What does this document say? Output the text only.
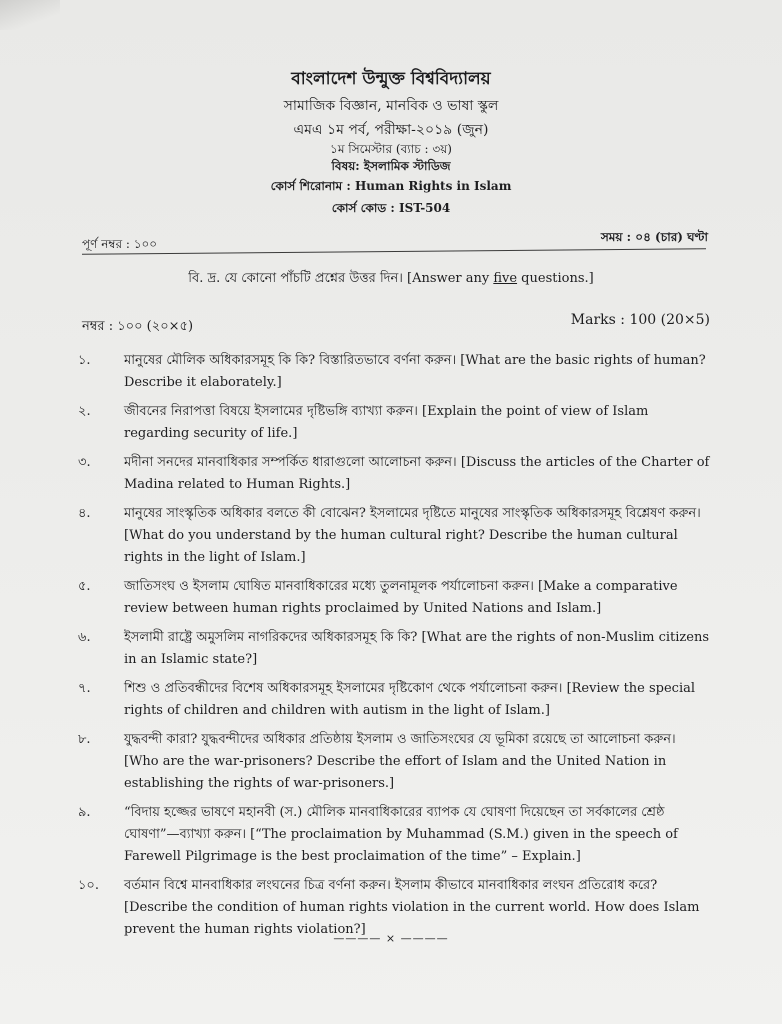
বাংলাদেশ উন্মুক্ত বিশ্ববিদ্যালয়
সামাজিক বিজ্ঞান, মানবিক ও ভাষা স্কুল
এমএ ১ম পর্ব, পরীক্ষা-২০১৯ (জুন)
১ম সিমেস্টার (ব্যাচ : ৩য়)
বিষয়: ইসলামিক স্টাডিজ
কোর্স শিরোনাম : Human Rights in Islam
কোর্স কোড : IST-504
পূর্ণ নম্বর : ১০০	সময় : ০৪ (চার) ঘণ্টা
বি. দ্র. যে কোনো পাঁচটি প্রশ্নের উত্তর দিন। [Answer any five questions.]
নম্বর : ১০০ (২০×৫)	Marks : 100 (20×5)
১.	মানুষের মৌলিক অধিকারসমূহ কি কি? বিস্তারিতভাবে বর্ণনা করুন। [What are the basic rights of human? Describe it elaborately.]
২.	জীবনের নিরাপত্তা বিষয়ে ইসলামের দৃষ্টিভঙ্গি ব্যাখ্যা করুন। [Explain the point of view of Islam regarding security of life.]
৩.	মদীনা সনদের মানবাধিকার সম্পর্কিত ধারাগুলো আলোচনা করুন। [Discuss the articles of the Charter of Madina related to Human Rights.]
৪.	মানুষের সাংস্কৃতিক অধিকার বলতে কী বোঝেন? ইসলামের দৃষ্টিতে মানুষের সাংস্কৃতিক অধিকারসমূহ বিশ্লেষণ করুন। [What do you understand by the human cultural right? Describe the human cultural rights in the light of Islam.]
৫.	জাতিসংঘ ও ইসলাম ঘোষিত মানবাধিকারের মধ্যে তুলনামূলক পর্যালোচনা করুন। [Make a comparative review between human rights proclaimed by United Nations and Islam.]
৬.	ইসলামী রাষ্ট্রে অমুসলিম নাগরিকদের অধিকারসমূহ কি কি? [What are the rights of non-Muslim citizens in an Islamic state?]
৭.	শিশু ও প্রতিবন্ধীদের বিশেষ অধিকারসমূহ ইসলামের দৃষ্টিকোণ থেকে পর্যালোচনা করুন। [Review the special rights of children and children with autism in the light of Islam.]
৮.	যুদ্ধবন্দী কারা? যুদ্ধবন্দীদের অধিকার প্রতিষ্ঠায় ইসলাম ও জাতিসংঘের যে ভূমিকা রয়েছে তা আলোচনা করুন। [Who are the war-prisoners? Describe the effort of Islam and the United Nation in establishing the rights of war-prisoners.]
৯.	“বিদায় হজ্জের ভাষণে মহানবী (স.) মৌলিক মানবাধিকারের ব্যাপক যে ঘোষণা দিয়েছেন তা সর্বকালের শ্রেষ্ঠ ঘোষণা”—ব্যাখ্যা করুন। [“The proclaimation by Muhammad (S.M.) given in the speech of Farewell Pilgrimage is the best proclaimation of the time” – Explain.]
১০.	বর্তমান বিশ্বে মানবাধিকার লংঘনের চিত্র বর্ণনা করুন। ইসলাম কীভাবে মানবাধিকার লংঘন প্রতিরোধ করে? [Describe the condition of human rights violation in the current world. How does Islam prevent the human rights violation?]
———— × ————
